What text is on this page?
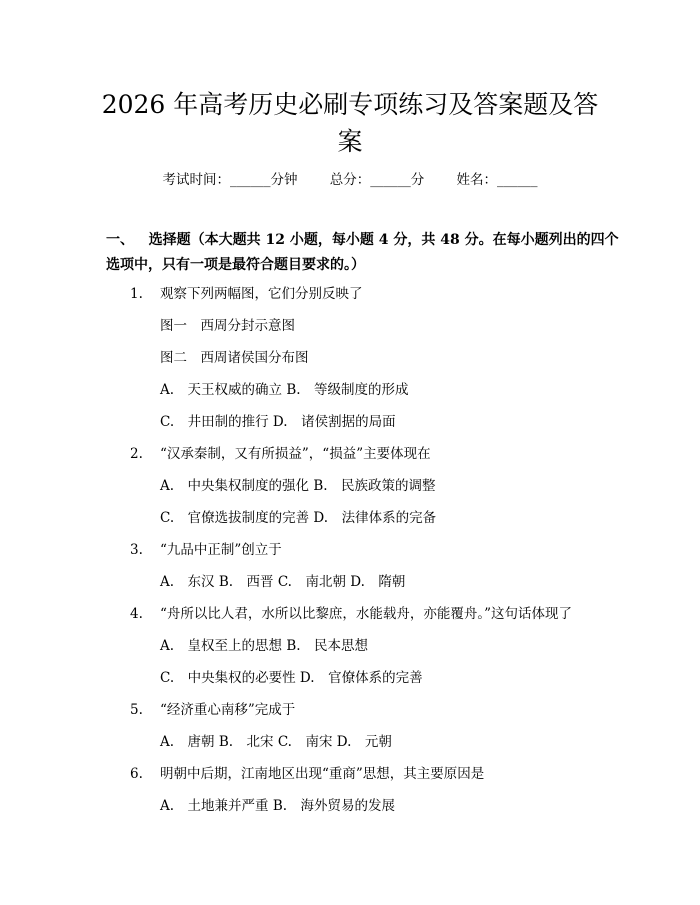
2026 年高考历史必刷专项练习及答案题及答案
考试时间：______分钟 总分：______分 姓名：______
一、 选择题（本大题共 12 小题，每小题 4 分，共 48 分。在每小题列出的四个选项中，只有一项是最符合题目要求的。）
1. 观察下列两幅图，它们分别反映了
图一　西周分封示意图
图二　西周诸侯国分布图
A.　天王权威的确立 B.　等级制度的形成
C.　井田制的推行 D.　诸侯割据的局面
2. “汉承秦制，又有所损益”，“损益”主要体现在
A.　中央集权制度的强化 B.　民族政策的调整
C.　官僚选拔制度的完善 D.　法律体系的完备
3. “九品中正制”创立于
A.　东汉 B.　西晋 C.　南北朝 D.　隋朝
4. “舟所以比人君，水所以比黎庶，水能载舟，亦能覆舟。”这句话体现了
A.　皇权至上的思想 B.　民本思想
C.　中央集权的必要性 D.　官僚体系的完善
5. “经济重心南移”完成于
A.　唐朝 B.　北宋 C.　南宋 D.　元朝
6. 明朝中后期，江南地区出现“重商”思想，其主要原因是
A.　土地兼并严重 B.　海外贸易的发展
